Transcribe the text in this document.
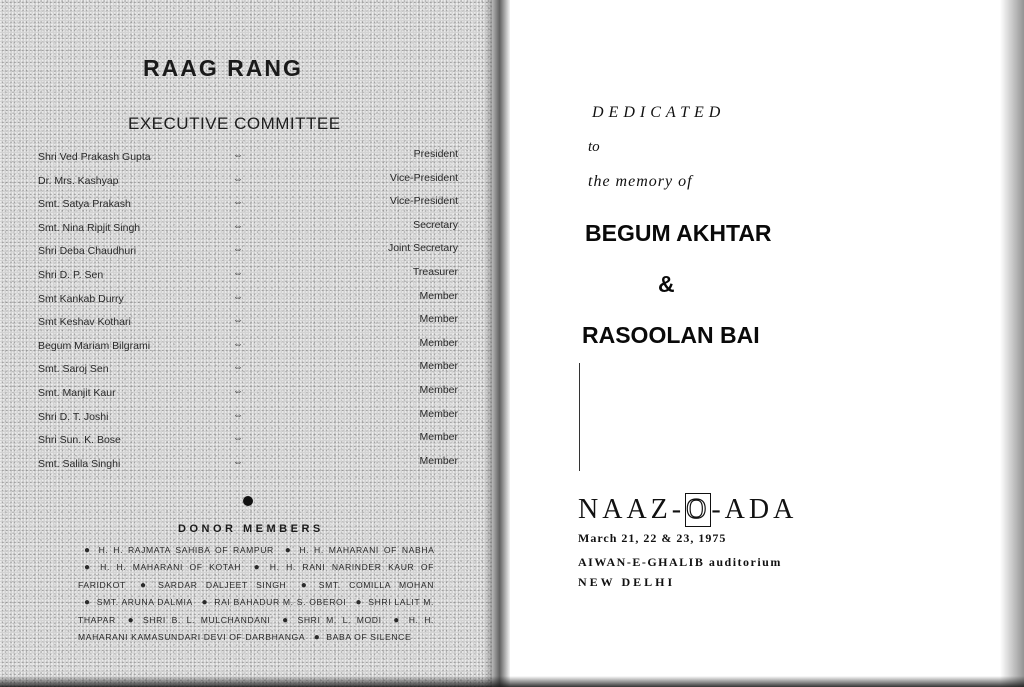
RAAG RANG
EXECUTIVE COMMITTEE
Shri Ved Prakash Gupta	⇔	President
Dr. Mrs. Kashyap	⇔	Vice-President
Smt. Satya Prakash	⇔	Vice-President
Smt. Nina Ripjit Singh	⇔	Secretary
Shri Deba Chaudhuri	⇔	Joint Secretary
Shri D. P. Sen	⇔	Treasurer
Smt Kankab Durry	⇔	Member
Smt Keshav Kothari	⇔	Member
Begum Mariam Bilgrami	⇔	Member
Smt. Saroj Sen	⇔	Member
Smt. Manjit Kaur	⇔	Member
Shri D. T. Joshi	⇔	Member
Shri Sun. K. Bose	⇔	Member
Smt. Salila Singhi	⇔	Member
DONOR MEMBERS
● H. H. RAJMATA SAHIBA OF RAMPUR ● H. H. MAHARANI OF NABHA ● H. H. MAHARANI OF KOTAH ● H. H. RANI NARINDER KAUR OF FARIDKOT ● SARDAR DALJEET SINGH ● SMT. COMILLA MOHAN ● SMT. ARUNA DALMIA ● RAI BAHADUR M. S. OBEROI ● SHRI LALIT M. THAPAR ● SHRI B. L. MULCHANDANI ● SHRI M. L. MODI ● H. H. MAHARANI KAMASUNDARI DEVI OF DARBHANGA ● BABA OF SILENCE
DEDICATED
to
the memory of
BEGUM AKHTAR
&
RASOOLAN BAI
NAAZ-O-ADA
March 21, 22 & 23, 1975
AIWAN-E-GHALIB auditorium
NEW DELHI
